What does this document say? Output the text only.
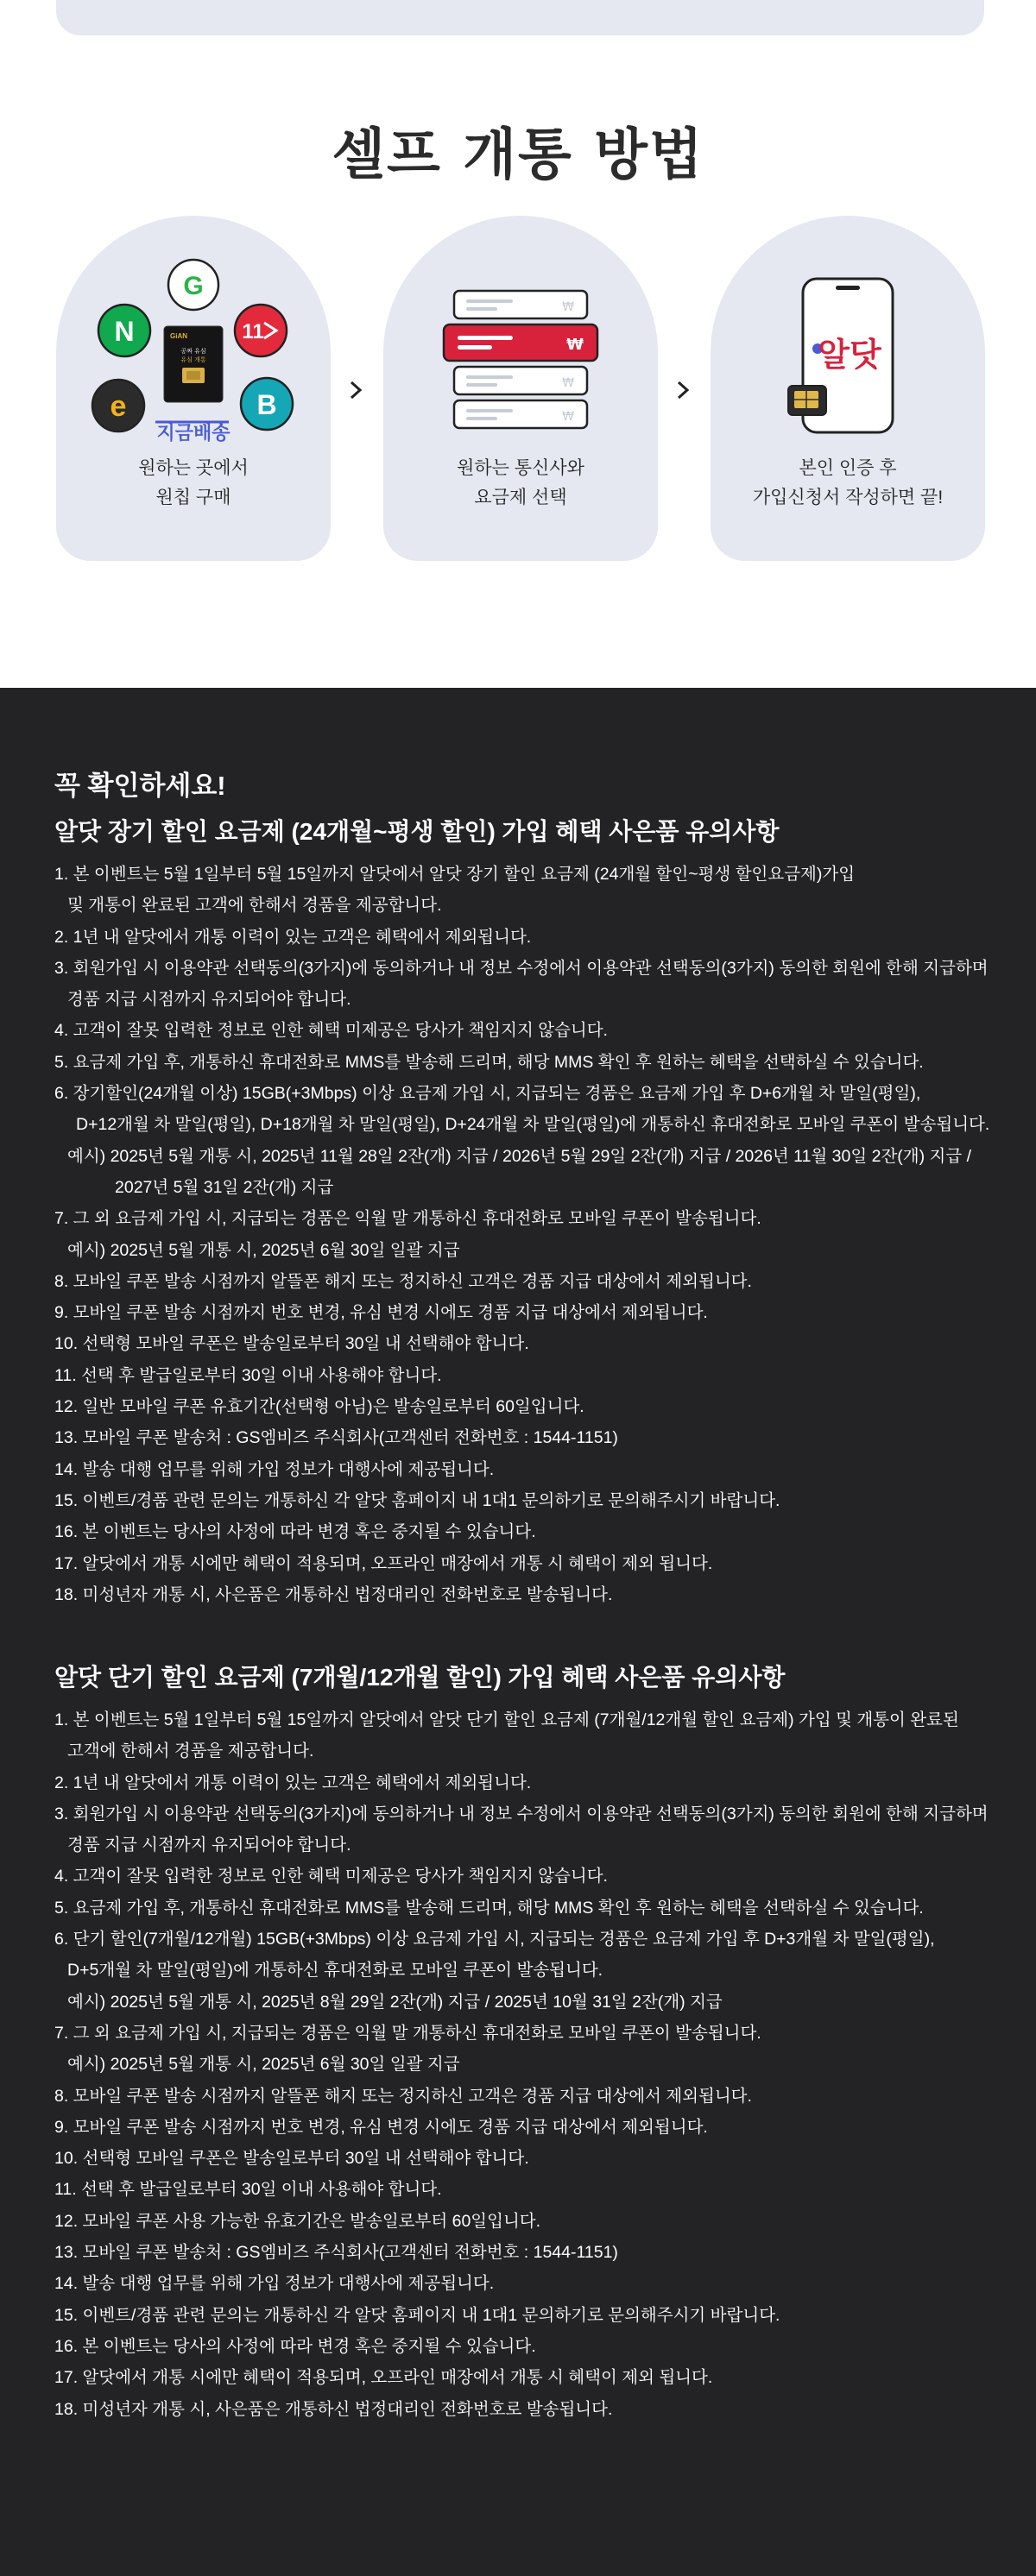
셀프 개통 방법
G
N	11
e	B
GiAN
공짜 유심
유심 개통
지금배송
원하는 곳에서
원칩 구매
₩
₩
₩
₩
원하는 통신사와
요금제 선택
알닷
본인 인증 후
가입신청서 작성하면 끝!
꼭 확인하세요!
알닷 장기 할인 요금제 (24개월~평생 할인) 가입 혜택 사은품 유의사항
1. 본 이벤트는 5월 1일부터 5월 15일까지 알닷에서 알닷 장기 할인 요금제 (24개월 할인~평생 할인요금제)가입
및 개통이 완료된 고객에 한해서 경품을 제공합니다.
2. 1년 내 알닷에서 개통 이력이 있는 고객은 혜택에서 제외됩니다.
3. 회원가입 시 이용약관 선택동의(3가지)에 동의하거나 내 정보 수정에서 이용약관 선택동의(3가지) 동의한 회원에 한해 지급하며
경품 지급 시점까지 유지되어야 합니다.
4. 고객이 잘못 입력한 정보로 인한 혜택 미제공은 당사가 책임지지 않습니다.
5. 요금제 가입 후, 개통하신 휴대전화로 MMS를 발송해 드리며, 해당 MMS 확인 후 원하는 혜택을 선택하실 수 있습니다.
6. 장기할인(24개월 이상) 15GB(+3Mbps) 이상 요금제 가입 시, 지급되는 경품은 요금제 가입 후 D+6개월 차 말일(평일),
D+12개월 차 말일(평일), D+18개월 차 말일(평일), D+24개월 차 말일(평일)에 개통하신 휴대전화로 모바일 쿠폰이 발송됩니다.
예시) 2025년 5월 개통 시, 2025년 11월 28일 2잔(개) 지급 / 2026년 5월 29일 2잔(개) 지급 / 2026년 11월 30일 2잔(개) 지급 /
2027년 5월 31일 2잔(개) 지급
7. 그 외 요금제 가입 시, 지급되는 경품은 익월 말 개통하신 휴대전화로 모바일 쿠폰이 발송됩니다.
예시) 2025년 5월 개통 시, 2025년 6월 30일 일괄 지급
8. 모바일 쿠폰 발송 시점까지 알뜰폰 해지 또는 정지하신 고객은 경품 지급 대상에서 제외됩니다.
9. 모바일 쿠폰 발송 시점까지 번호 변경, 유심 변경 시에도 경품 지급 대상에서 제외됩니다.
10. 선택형 모바일 쿠폰은 발송일로부터 30일 내 선택해야 합니다.
11. 선택 후 발급일로부터 30일 이내 사용해야 합니다.
12. 일반 모바일 쿠폰 유효기간(선택형 아님)은 발송일로부터 60일입니다.
13. 모바일 쿠폰 발송처 : GS엠비즈 주식회사(고객센터 전화번호 : 1544-1151)
14. 발송 대행 업무를 위해 가입 정보가 대행사에 제공됩니다.
15. 이벤트/경품 관련 문의는 개통하신 각 알닷 홈페이지 내 1대1 문의하기로 문의해주시기 바랍니다.
16. 본 이벤트는 당사의 사정에 따라 변경 혹은 중지될 수 있습니다.
17. 알닷에서 개통 시에만 혜택이 적용되며, 오프라인 매장에서 개통 시 혜택이 제외 됩니다.
18. 미성년자 개통 시, 사은품은 개통하신 법정대리인 전화번호로 발송됩니다.
알닷 단기 할인 요금제 (7개월/12개월 할인) 가입 혜택 사은품 유의사항
1. 본 이벤트는 5월 1일부터 5월 15일까지 알닷에서 알닷 단기 할인 요금제 (7개월/12개월 할인 요금제) 가입 및 개통이 완료된
고객에 한해서 경품을 제공합니다.
2. 1년 내 알닷에서 개통 이력이 있는 고객은 혜택에서 제외됩니다.
3. 회원가입 시 이용약관 선택동의(3가지)에 동의하거나 내 정보 수정에서 이용약관 선택동의(3가지) 동의한 회원에 한해 지급하며
경품 지급 시점까지 유지되어야 합니다.
4. 고객이 잘못 입력한 정보로 인한 혜택 미제공은 당사가 책임지지 않습니다.
5. 요금제 가입 후, 개통하신 휴대전화로 MMS를 발송해 드리며, 해당 MMS 확인 후 원하는 혜택을 선택하실 수 있습니다.
6. 단기 할인(7개월/12개월) 15GB(+3Mbps) 이상 요금제 가입 시, 지급되는 경품은 요금제 가입 후 D+3개월 차 말일(평일),
D+5개월 차 말일(평일)에 개통하신 휴대전화로 모바일 쿠폰이 발송됩니다.
예시) 2025년 5월 개통 시, 2025년 8월 29일 2잔(개) 지급 / 2025년 10월 31일 2잔(개) 지급
7. 그 외 요금제 가입 시, 지급되는 경품은 익월 말 개통하신 휴대전화로 모바일 쿠폰이 발송됩니다.
예시) 2025년 5월 개통 시, 2025년 6월 30일 일괄 지급
8. 모바일 쿠폰 발송 시점까지 알뜰폰 해지 또는 정지하신 고객은 경품 지급 대상에서 제외됩니다.
9. 모바일 쿠폰 발송 시점까지 번호 변경, 유심 변경 시에도 경품 지급 대상에서 제외됩니다.
10. 선택형 모바일 쿠폰은 발송일로부터 30일 내 선택해야 합니다.
11. 선택 후 발급일로부터 30일 이내 사용해야 합니다.
12. 모바일 쿠폰 사용 가능한 유효기간은 발송일로부터 60일입니다.
13. 모바일 쿠폰 발송처 : GS엠비즈 주식회사(고객센터 전화번호 : 1544-1151)
14. 발송 대행 업무를 위해 가입 정보가 대행사에 제공됩니다.
15. 이벤트/경품 관련 문의는 개통하신 각 알닷 홈페이지 내 1대1 문의하기로 문의해주시기 바랍니다.
16. 본 이벤트는 당사의 사정에 따라 변경 혹은 중지될 수 있습니다.
17. 알닷에서 개통 시에만 혜택이 적용되며, 오프라인 매장에서 개통 시 혜택이 제외 됩니다.
18. 미성년자 개통 시, 사은품은 개통하신 법정대리인 전화번호로 발송됩니다.
